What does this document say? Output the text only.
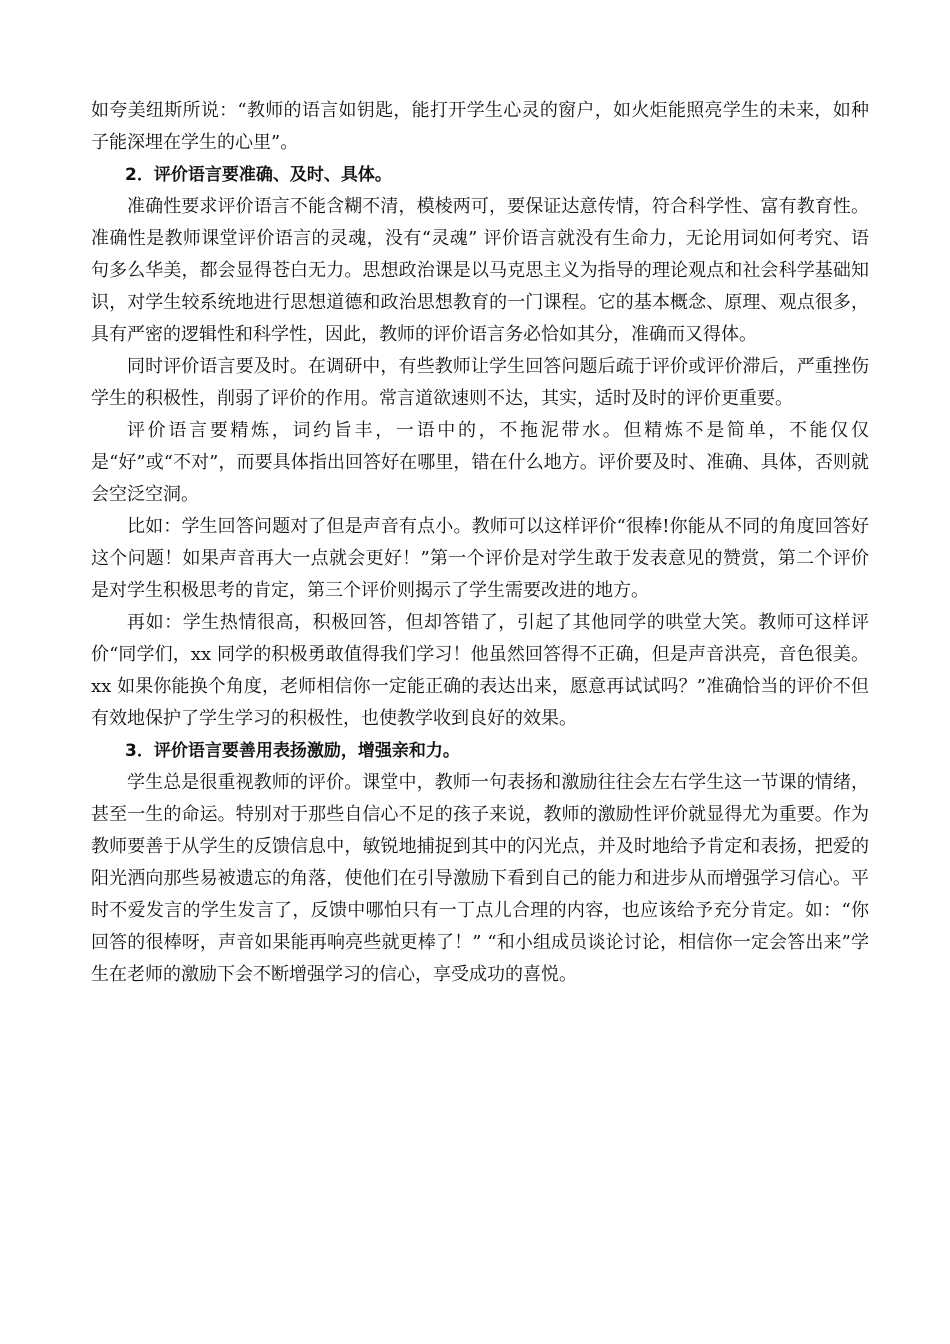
如夸美纽斯所说：“教师的语言如钥匙，能打开学生心灵的窗户，如火炬能照亮学生的未来，如种子能深埋在学生的心里”。

2．评价语言要准确、及时、具体。

准确性要求评价语言不能含糊不清，模棱两可，要保证达意传情，符合科学性、富有教育性。准确性是教师课堂评价语言的灵魂，没有“灵魂” 评价语言就没有生命力，无论用词如何考究、语句多么华美，都会显得苍白无力。思想政治课是以马克思主义为指导的理论观点和社会科学基础知识，对学生较系统地进行思想道德和政治思想教育的一门课程。它的基本概念、原理、观点很多，具有严密的逻辑性和科学性，因此，教师的评价语言务必恰如其分，准确而又得体。

同时评价语言要及时。在调研中，有些教师让学生回答问题后疏于评价或评价滞后，严重挫伤学生的积极性，削弱了评价的作用。常言道欲速则不达，其实，适时及时的评价更重要。

评价语言要精炼，词约旨丰，一语中的，不拖泥带水。但精炼不是简单，不能仅仅是“好”或“不对”，而要具体指出回答好在哪里，错在什么地方。评价要及时、准确、具体，否则就会空泛空洞。

比如：学生回答问题对了但是声音有点小。教师可以这样评价“很棒!你能从不同的角度回答好这个问题！如果声音再大一点就会更好！”第一个评价是对学生敢于发表意见的赞赏，第二个评价是对学生积极思考的肯定，第三个评价则揭示了学生需要改进的地方。

再如：学生热情很高，积极回答，但却答错了，引起了其他同学的哄堂大笑。教师可这样评价“同学们，xx 同学的积极勇敢值得我们学习！他虽然回答得不正确，但是声音洪亮，音色很美。xx 如果你能换个角度，老师相信你一定能正确的表达出来，愿意再试试吗？”准确恰当的评价不但有效地保护了学生学习的积极性，也使教学收到良好的效果。

3．评价语言要善用表扬激励，增强亲和力。

学生总是很重视教师的评价。课堂中，教师一句表扬和激励往往会左右学生这一节课的情绪，甚至一生的命运。特别对于那些自信心不足的孩子来说，教师的激励性评价就显得尤为重要。作为教师要善于从学生的反馈信息中，敏锐地捕捉到其中的闪光点，并及时地给予肯定和表扬，把爱的阳光洒向那些易被遗忘的角落，使他们在引导激励下看到自己的能力和进步从而增强学习信心。平时不爱发言的学生发言了，反馈中哪怕只有一丁点儿合理的内容，也应该给予充分肯定。如：“你回答的很棒呀，声音如果能再响亮些就更棒了！” “和小组成员谈论讨论，相信你一定会答出来”学生在老师的激励下会不断增强学习的信心，享受成功的喜悦。
